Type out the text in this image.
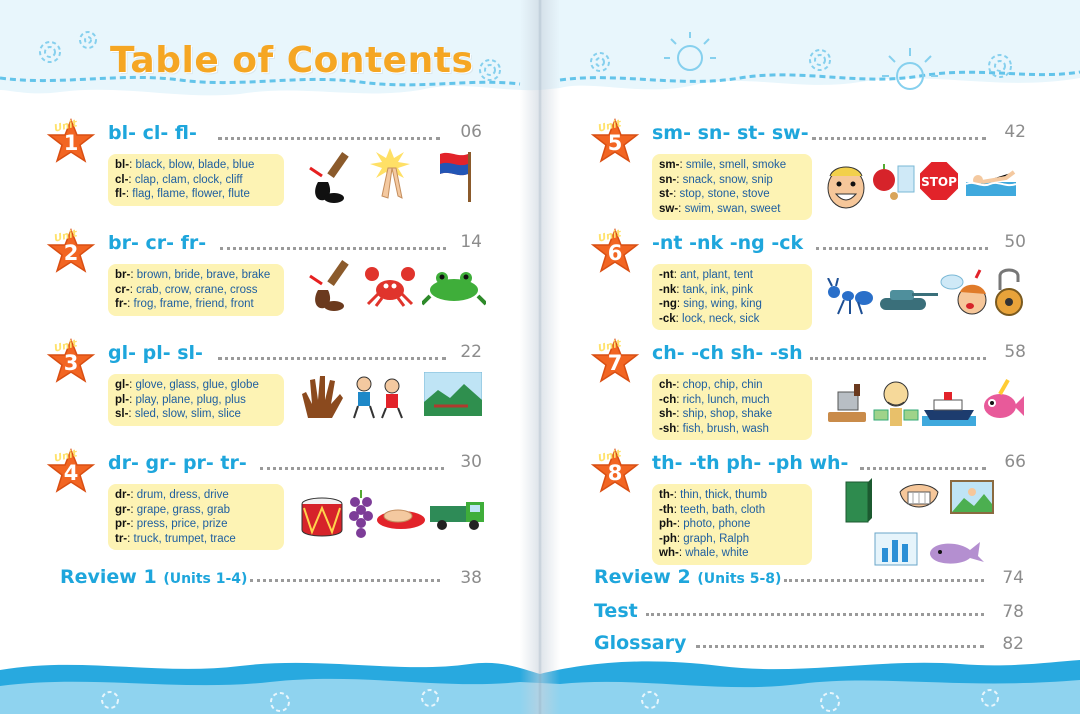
Table of Contents
Unit
1	bl- cl- fl-	06
bl-: black, blow, blade, blue
cl-: clap, clam, clock, cliff
fl-: flag, flame, flower, flute
Unit
2	br- cr- fr-	14
br-: brown, bride, brave, brake
cr-: crab, crow, crane, cross
fr-: frog, frame, friend, front
Unit
3	gl- pl- sl-	22
gl-: glove, glass, glue, globe
pl-: play, plane, plug, plus
sl-: sled, slow, slim, slice
Unit
4	dr- gr- pr- tr-	30
dr-: drum, dress, drive
gr-: grape, grass, grab
pr-: press, price, prize
tr-: truck, trumpet, trace
Review 1 (Units 1-4)	38
Unit
5	sm- sn- st- sw-	42
sm-: smile, smell, smoke
sn-: snack, snow, snip
st-: stop, stone, stove
sw-: swim, swan, sweet
STOP
Unit
6	-nt -nk -ng -ck	50
-nt: ant, plant, tent
-nk: tank, ink, pink
-ng: sing, wing, king
-ck: lock, neck, sick
Unit
7	ch- -ch sh- -sh	58
ch-: chop, chip, chin
-ch: rich, lunch, much
sh-: ship, shop, shake
-sh: fish, brush, wash
Unit
8	th- -th ph- -ph wh-	66
th-: thin, thick, thumb
-th: teeth, bath, cloth
ph-: photo, phone
-ph: graph, Ralph
wh-: whale, white
Review 2 (Units 5-8)	74
Test	78
Glossary	82
